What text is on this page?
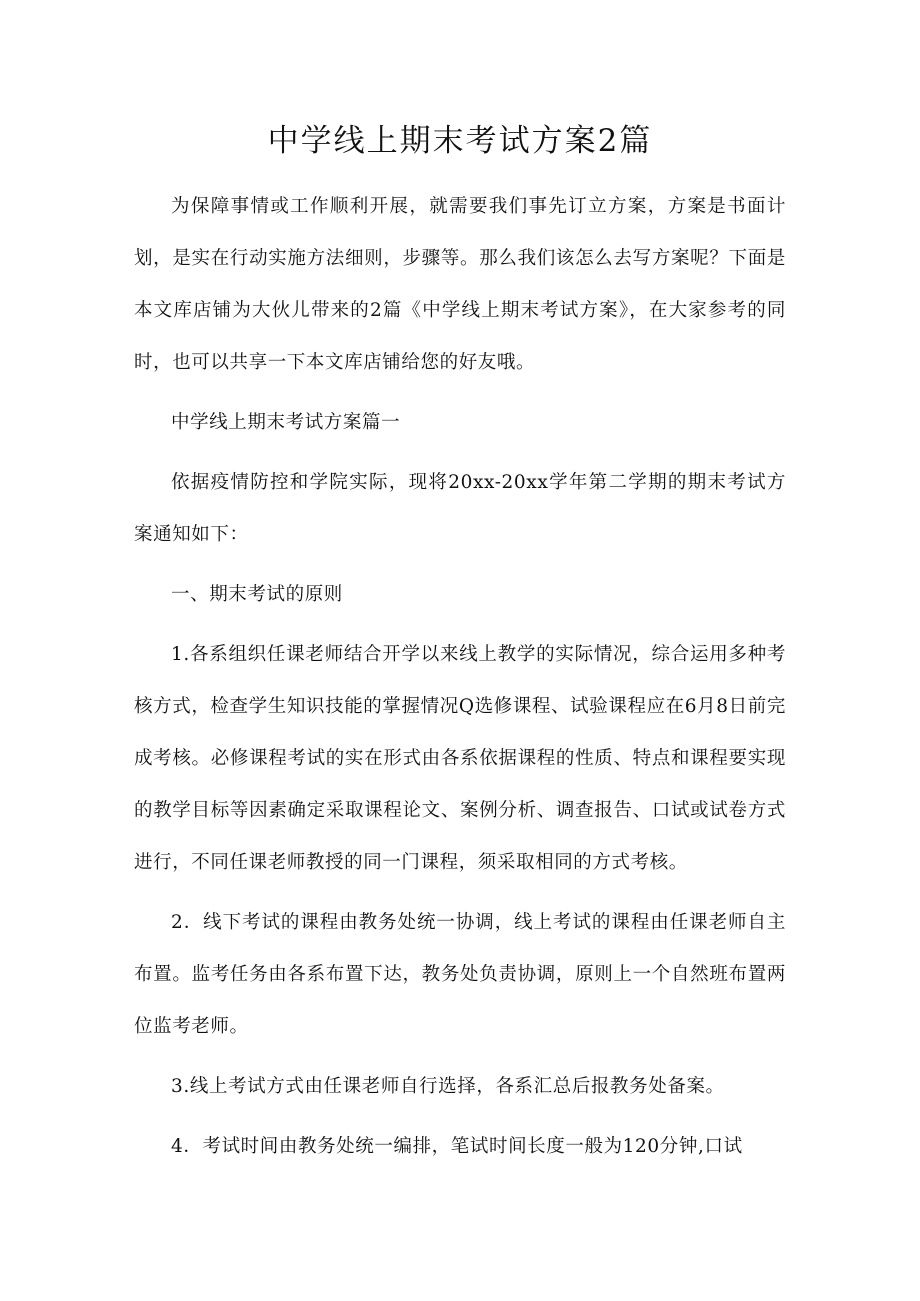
中学线上期末考试方案2篇

为保障事情或工作顺利开展，就需要我们事先订立方案，方案是书面计划，是实在行动实施方法细则，步骤等。那么我们该怎么去写方案呢？下面是本文库店铺为大伙儿带来的2篇《中学线上期末考试方案》，在大家参考的同时，也可以共享一下本文库店铺给您的好友哦。

中学线上期末考试方案篇一

依据疫情防控和学院实际，现将20xx-20xx学年第二学期的期末考试方案通知如下：

一、期末考试的原则

1.各系组织任课老师结合开学以来线上教学的实际情况，综合运用多种考核方式，检查学生知识技能的掌握情况Q选修课程、试验课程应在6月8日前完成考核。必修课程考试的实在形式由各系依据课程的性质、特点和课程要实现的教学目标等因素确定采取课程论文、案例分析、调查报告、口试或试卷方式进行，不同任课老师教授的同一门课程，须采取相同的方式考核。

2．线下考试的课程由教务处统一协调，线上考试的课程由任课老师自主布置。监考任务由各系布置下达，教务处负责协调，原则上一个自然班布置两位监考老师。

3.线上考试方式由任课老师自行选择，各系汇总后报教务处备案。

4．考试时间由教务处统一编排，笔试时间长度一般为120分钟,口试
